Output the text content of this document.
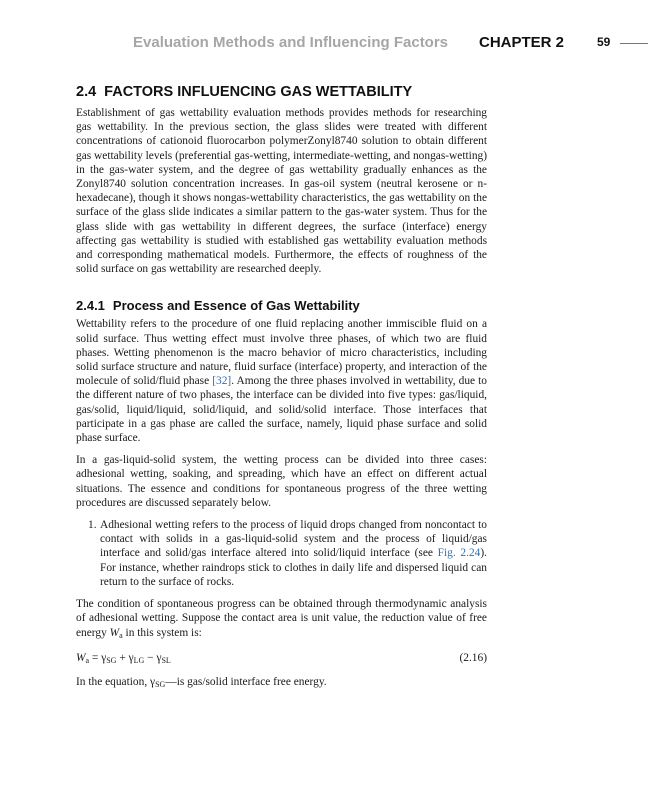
Evaluation Methods and Influencing Factors CHAPTER 2	59
2.4 FACTORS INFLUENCING GAS WETTABILITY

Establishment of gas wettability evaluation methods provides methods for researching gas wettability. In the previous section, the glass slides were treated with different concentrations of cationoid fluorocarbon polymerZonyl8740 solution to obtain different gas wettability levels (preferential gas-wetting, intermediate-wetting, and nongas-wetting) in the gas-water system, and the degree of gas wettability gradually enhances as the Zonyl8740 solution concentration increases. In gas-oil system (neutral kerosene or n-hexadecane), though it shows nongas-wettability characteristics, the gas wettability on the surface of the glass slide indicates a similar pattern to the gas-water system. Thus for the glass slide with gas wettability in different degrees, the surface (interface) energy affecting gas wettability is studied with established gas wettability evaluation methods and corresponding mathematical models. Furthermore, the effects of roughness of the solid surface on gas wettability are researched deeply.

2.4.1 Process and Essence of Gas Wettability

Wettability refers to the procedure of one fluid replacing another immiscible fluid on a solid surface. Thus wetting effect must involve three phases, of which two are fluid phases. Wetting phenomenon is the macro behavior of micro characteristics, including solid surface structure and nature, fluid surface (interface) property, and interaction of the molecule of solid/fluid phase [32]. Among the three phases involved in wettability, due to the different nature of two phases, the interface can be divided into five types: gas/liquid, gas/solid, liquid/liquid, solid/liquid, and solid/solid interface. Those interfaces that participate in a gas phase are called the surface, namely, liquid phase surface and solid phase surface.

In a gas-liquid-solid system, the wetting process can be divided into three cases: adhesional wetting, soaking, and spreading, which have an effect on different actual situations. The essence and conditions for spontaneous progress of the three wetting procedures are discussed separately below.

1. Adhesional wetting refers to the process of liquid drops changed from noncontact to contact with solids in a gas-liquid-solid system and the process of liquid/gas interface and solid/gas interface altered into solid/liquid interface (see Fig. 2.24). For instance, whether raindrops stick to clothes in daily life and dispersed liquid can return to the surface of rocks.

The condition of spontaneous progress can be obtained through thermodynamic analysis of adhesional wetting. Suppose the contact area is unit value, the reduction value of free energy $W_a$ in this system is:

$W_a = \gamma_{SG} + \gamma_{LG} - \gamma_{SL}$	(2.16)

In the equation, $\gamma_{SG}—is$ gas/solid interface free energy.
